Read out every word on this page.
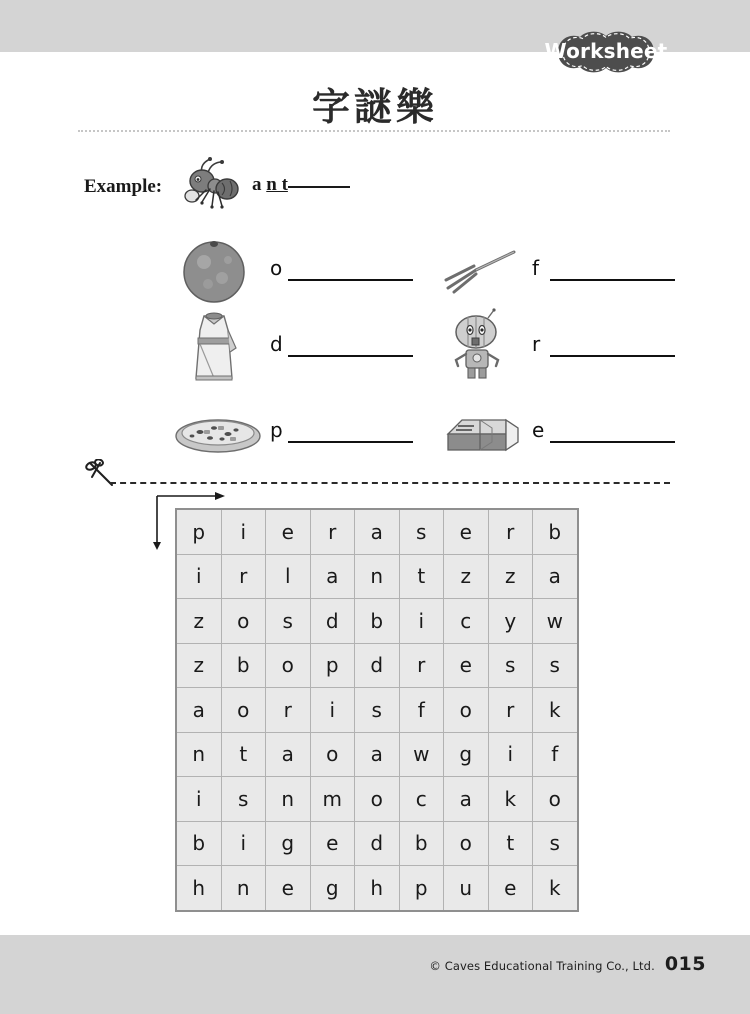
Worksheet
字謎樂
Example:	a n t
o	f
d	r
p	e
p	i	e	r	a	s	e	r	b
i	r	l	a	n	t	z	z	a
z	o	s	d	b	i	c	y	w
z	b	o	p	d	r	e	s	s
a	o	r	i	s	f	o	r	k
n	t	a	o	a	w	g	i	f
i	s	n	m	o	c	a	k	o
b	i	g	e	d	b	o	t	s
h	n	e	g	h	p	u	e	k
© Caves Educational Training Co., Ltd. 015
